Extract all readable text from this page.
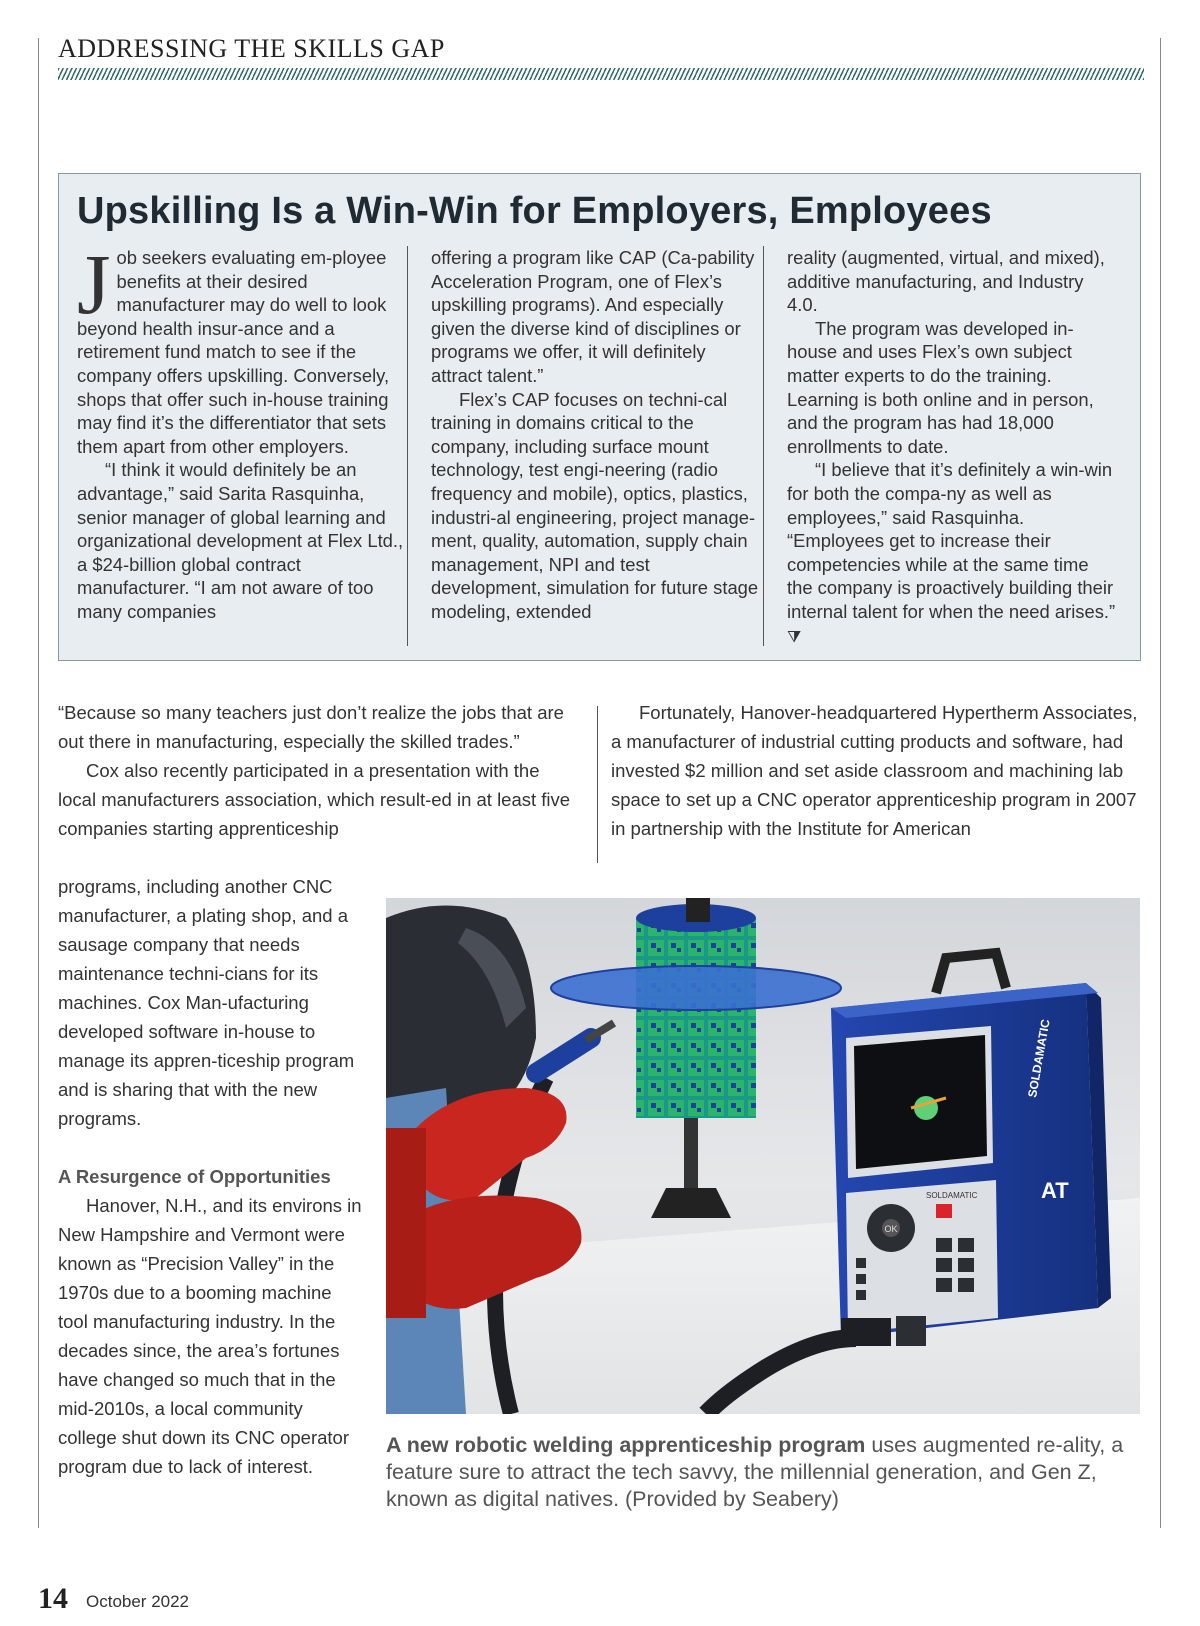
ADDRESSING THE SKILLS GAP
Upskilling Is a Win-Win for Employers, Employees

Job seekers evaluating em-ployee benefits at their desired manufacturer may do well to look beyond health insur-ance and a retirement fund match to see if the company offers upskilling. Conversely, shops that offer such in-house training may find it’s the differentiator that sets them apart from other employers.

“I think it would definitely be an advantage,” said Sarita Rasquinha, senior manager of global learning and organizational development at Flex Ltd., a $24-billion global contract manufacturer. “I am not aware of too many companies

offering a program like CAP (Ca-pability Acceleration Program, one of Flex’s upskilling programs). And especially given the diverse kind of disciplines or programs we offer, it will definitely attract talent.”

Flex’s CAP focuses on techni-cal training in domains critical to the company, including surface mount technology, test engi-neering (radio frequency and mobile), optics, plastics, industri-al engineering, project manage-ment, quality, automation, supply chain management, NPI and test development, simulation for future stage modeling, extended

reality (augmented, virtual, and mixed), additive manufacturing, and Industry 4.0.

The program was developed in-house and uses Flex’s own subject matter experts to do the training. Learning is both online and in person, and the program has had 18,000 enrollments to date.

“I believe that it’s definitely a win-win for both the compa-ny as well as employees,” said Rasquinha. “Employees get to increase their competencies while at the same time the company is proactively building their internal talent for when the need arises.” ⧩

“Because so many teachers just don’t realize the jobs that are out there in manufacturing, especially the skilled trades.”

Cox also recently participated in a presentation with the local manufacturers association, which result-ed in at least five companies starting apprenticeship

Fortunately, Hanover-headquartered Hypertherm Associates, a manufacturer of industrial cutting products and software, had invested $2 million and set aside classroom and machining lab space to set up a CNC operator apprenticeship program in 2007 in partnership with the Institute for American

programs, including another CNC manufacturer, a plating shop, and a sausage company that needs maintenance techni-cians for its machines. Cox Man-ufacturing developed software in-house to manage its appren-ticeship program and is sharing that with the new programs.

A Resurgence of Opportunities

Hanover, N.H., and its environs in New Hampshire and Vermont were known as “Precision Valley” in the 1970s due to a booming machine tool manufacturing industry. In the decades since, the area’s fortunes have changed so much that in the mid-2010s, a local community college shut down its CNC operator program due to lack of interest.

OK
SOLDAMATIC
SOLDAMATIC
AT
A new robotic welding apprenticeship program uses augmented re-ality, a feature sure to attract the tech savvy, the millennial generation, and Gen Z, known as digital natives. (Provided by Seabery)
14 October 2022
